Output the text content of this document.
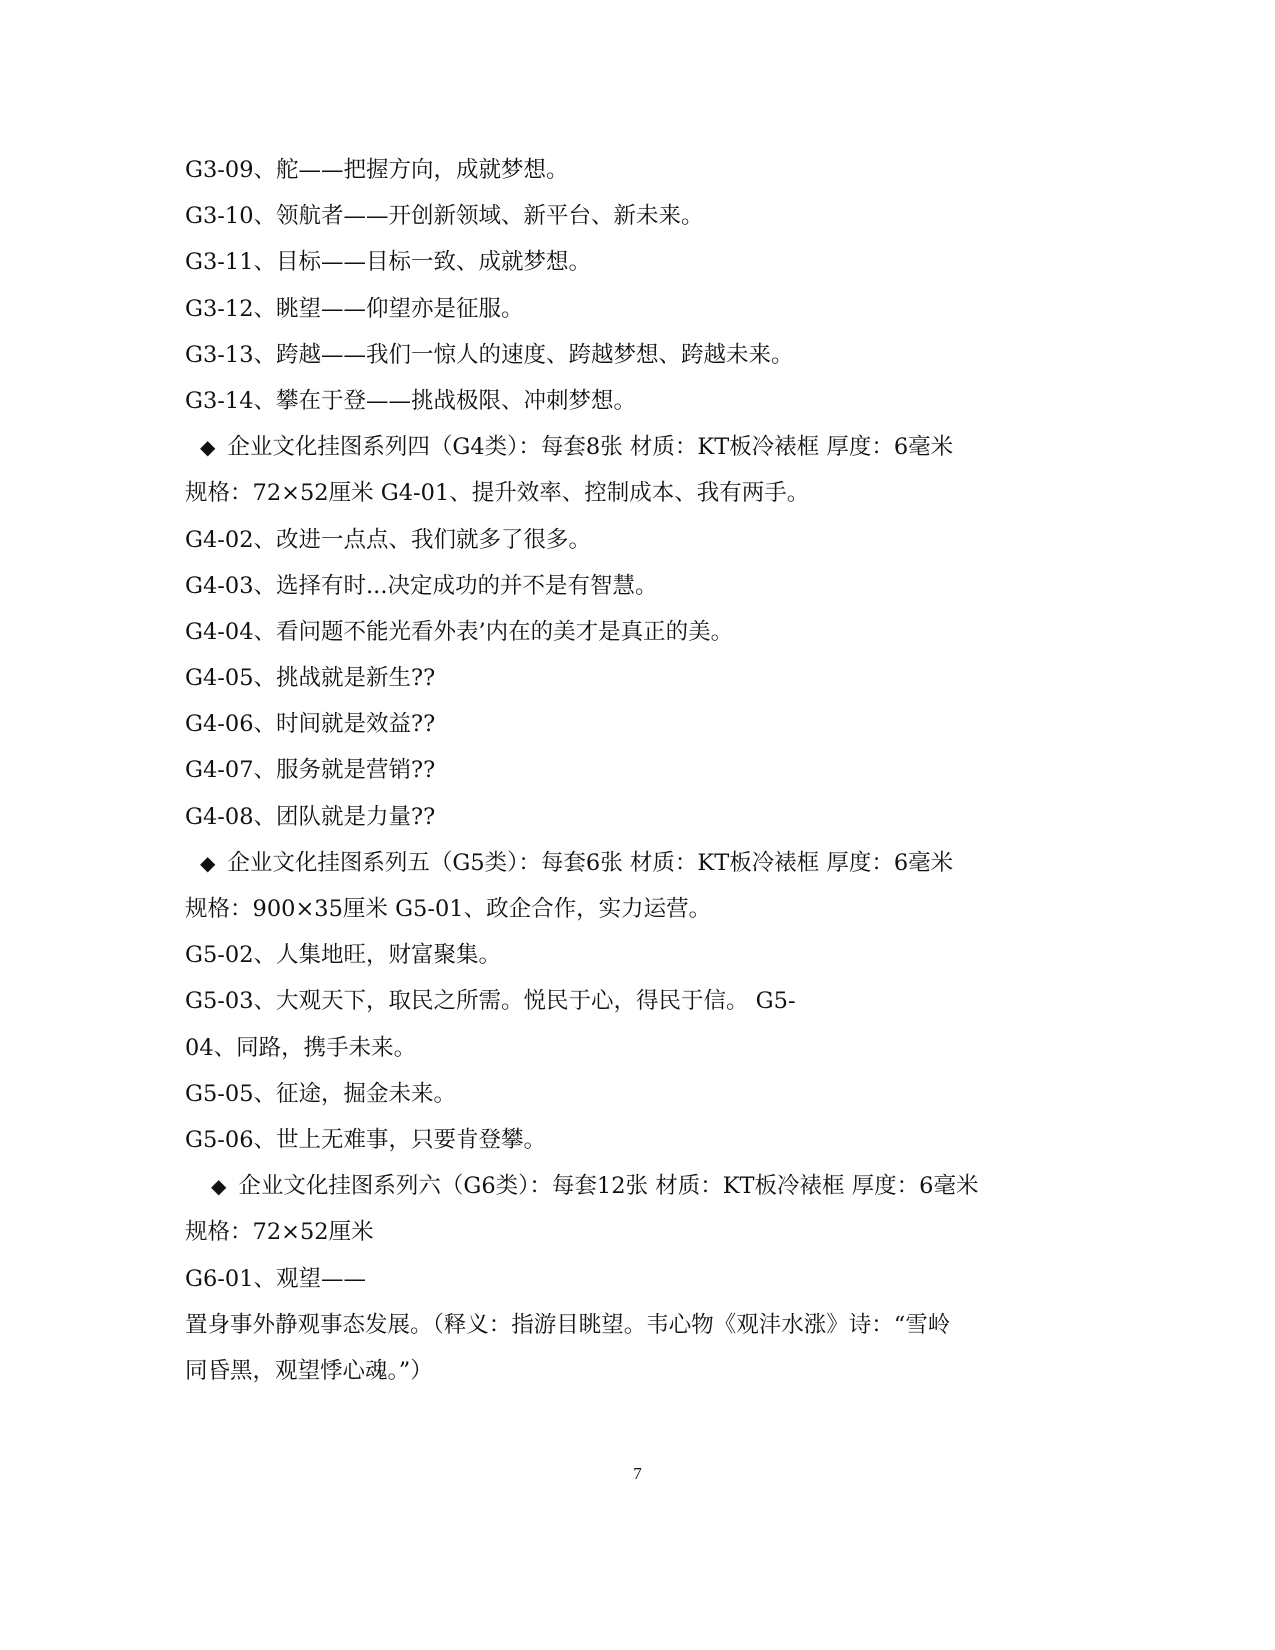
G3-09、舵——把握方向，成就梦想。
G3-10、领航者——开创新领域、新平台、新未来。
G3-11、目标——目标一致、成就梦想。
G3-12、眺望——仰望亦是征服。
G3-13、跨越——我们一惊人的速度、跨越梦想、跨越未来。
G3-14、攀在于登——挑战极限、冲刺梦想。
◆ 企业文化挂图系列四（G4类）：每套8张 材质：KT板冷裱框 厚度：6毫米
规格：72×52厘米 G4-01、提升效率、控制成本、我有两手。
G4-02、改进一点点、我们就多了很多。
G4-03、选择有时...决定成功的并不是有智慧。
G4-04、看问题不能光看外表’内在的美才是真正的美。
G4-05、挑战就是新生??
G4-06、时间就是效益??
G4-07、服务就是营销??
G4-08、团队就是力量??
◆ 企业文化挂图系列五（G5类）：每套6张 材质：KT板冷裱框 厚度：6毫米
规格：900×35厘米 G5-01、政企合作，实力运营。
G5-02、人集地旺，财富聚集。
G5-03、大观天下，取民之所需。悦民于心，得民于信。 G5-
04、同路，携手未来。
G5-05、征途，掘金未来。
G5-06、世上无难事，只要肯登攀。
◆ 企业文化挂图系列六（G6类）：每套12张 材质：KT板冷裱框 厚度：6毫米
规格：72×52厘米
G6-01、观望——
置身事外静观事态发展。（释义：指游目眺望。韦心物《观沣水涨》诗：“雪岭
同昏黑，观望悸心魂。”）
7
